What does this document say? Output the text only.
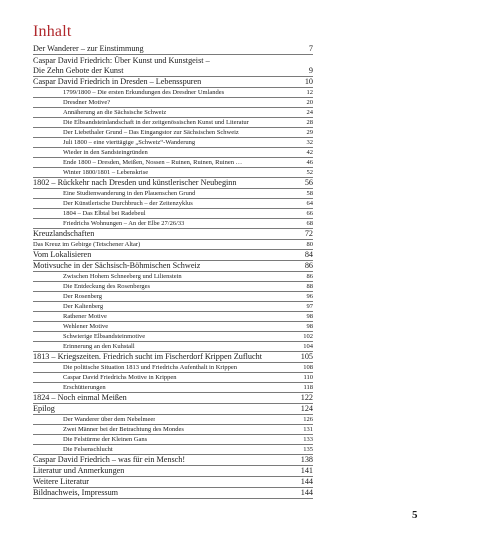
Inhalt
Der Wanderer – zur Einstimmung	7
Caspar David Friedrich: Über Kunst und Kunstgeist –
Die Zehn Gebote der Kunst	9
Caspar David Friedrich in Dresden – Lebensspuren	10
1799/1800 – Die ersten Erkundungen des Dresdner Umlandes	12
Dresdner Motive?	20
Annäherung an die Sächsische Schweiz	24
Die Elbsandsteinlandschaft in der zeitgenössischen Kunst und Literatur	28
Der Liebethaler Grund – Das Eingangstor zur Sächsischen Schweiz	29
Juli 1800 – eine vierttägige „Schweiz“-Wanderung	32
Wieder in den Sandsteingründen	42
Ende 1800 – Dresden, Meißen, Nossen – Ruinen, Ruinen, Ruinen …	46
Winter 1800/1801 – Lebenskrise	52
1802 – Rückkehr nach Dresden und künstlerischer Neubeginn	56
Eine Studienwanderung in den Plauenschen Grund	58
Der Künstlerische Durchbruch – der Zeitenzyklus	64
1804 – Das Elbtal bei Radebeul	66
Friedrichs Wohnungen – An der Elbe 27/26/33	68
Kreuzlandschaften	72
Das Kreuz im Gebirge (Tetschener Altar)	80
Vom Lokalisieren	84
Motivsuche in der Sächsisch-Böhmischen Schweiz	86
Zwischen Hohem Schneeberg und Lilienstein	86
Die Entdeckung des Rosenberges	88
Der Rosenberg	96
Der Kaltenberg	97
Rathener Motive	98
Wehlener Motive	98
Schwierige Elbsandsteinmotive	102
Erinnerung an den Kuhstall	104
1813 – Kriegszeiten. Friedrich sucht im Fischerdorf Krippen Zuflucht	105
Die politische Situation 1813 und Friedrichs Aufenthalt in Krippen	108
Caspar David Friedrichs Motive in Krippen	110
Erschütterungen	118
1824 – Noch einmal Meißen	122
Epilog	124
Der Wanderer über dem Nebelmeer	126
Zwei Männer bei der Betrachtung des Mondes	131
Die Felstürme der Kleinen Gans	133
Die Felsenschlucht	135
Caspar David Friedrich – was für ein Mensch!	138
Literatur und Anmerkungen	141
Weitere Literatur	144
Bildnachweis, Impressum	144
5
